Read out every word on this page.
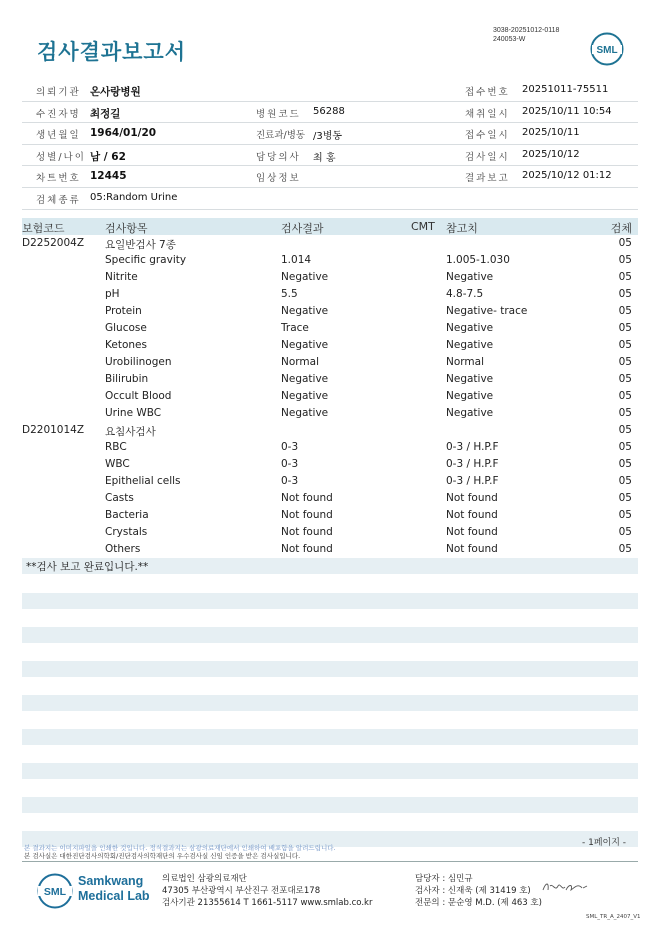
검사결과보고서
3038-20251012-0118
240053-W
SML
의뢰기관 온사랑병원	접수번호 20251011-75511
수진자명 최정길	병원코드 56288	채취일시 2025/10/11 10:54
생년월일 1964/01/20	진료과/병동 /3병동	접수일시 2025/10/11
성별/나이 남 / 62	담당의사 최 홍	검사일시 2025/10/12
차트번호 12445	임상정보	결과보고 2025/10/12 01:12
검체종류 05:Random Urine
보험코드	검사항목	검사결과	CMT 참고치	검체
D2252004Z 요일반검사 7종	05
Specific gravity	1.014	1.005-1.030	05
Nitrite	Negative	Negative	05
pH	5.5	4.8-7.5	05
Protein	Negative	Negative- trace	05
Glucose	Trace	Negative	05
Ketones	Negative	Negative	05
Urobilinogen	Normal	Normal	05
Bilirubin	Negative	Negative	05
Occult Blood	Negative	Negative	05
Urine WBC	Negative	Negative	05
D2201014Z 요침사검사	05
RBC	0-3	0-3 / H.P.F	05
WBC	0-3	0-3 / H.P.F	05
Epithelial cells	0-3	0-3 / H.P.F	05
Casts	Not found	Not found	05
Bacteria	Not found	Not found	05
Crystals	Not found	Not found	05
Others	Not found	Not found	05
**검사 보고 완료입니다.**
- 1페이지 -
본 결과지는 이미지파일을 인쇄한 것입니다. 정식결과지는 삼광의료재단에서 인쇄하여 배포함을 알려드립니다.
본 검사실은 대한진단검사의학회/진단검사의학재단의 우수검사실 신임 인증을 받은 검사실입니다.
SML
Samkwang
Medical Lab
의료법인 삼광의료재단
47305 부산광역시 부산진구 전포대로178
검사기관 21355614 T 1661-5117 www.smlab.co.kr
담당자 : 심민규
검사자 : 신재욱 (제 31419 호)
전문의 : 문순영 M.D. (제 463 호)
SML_TR_A_2407_V1
